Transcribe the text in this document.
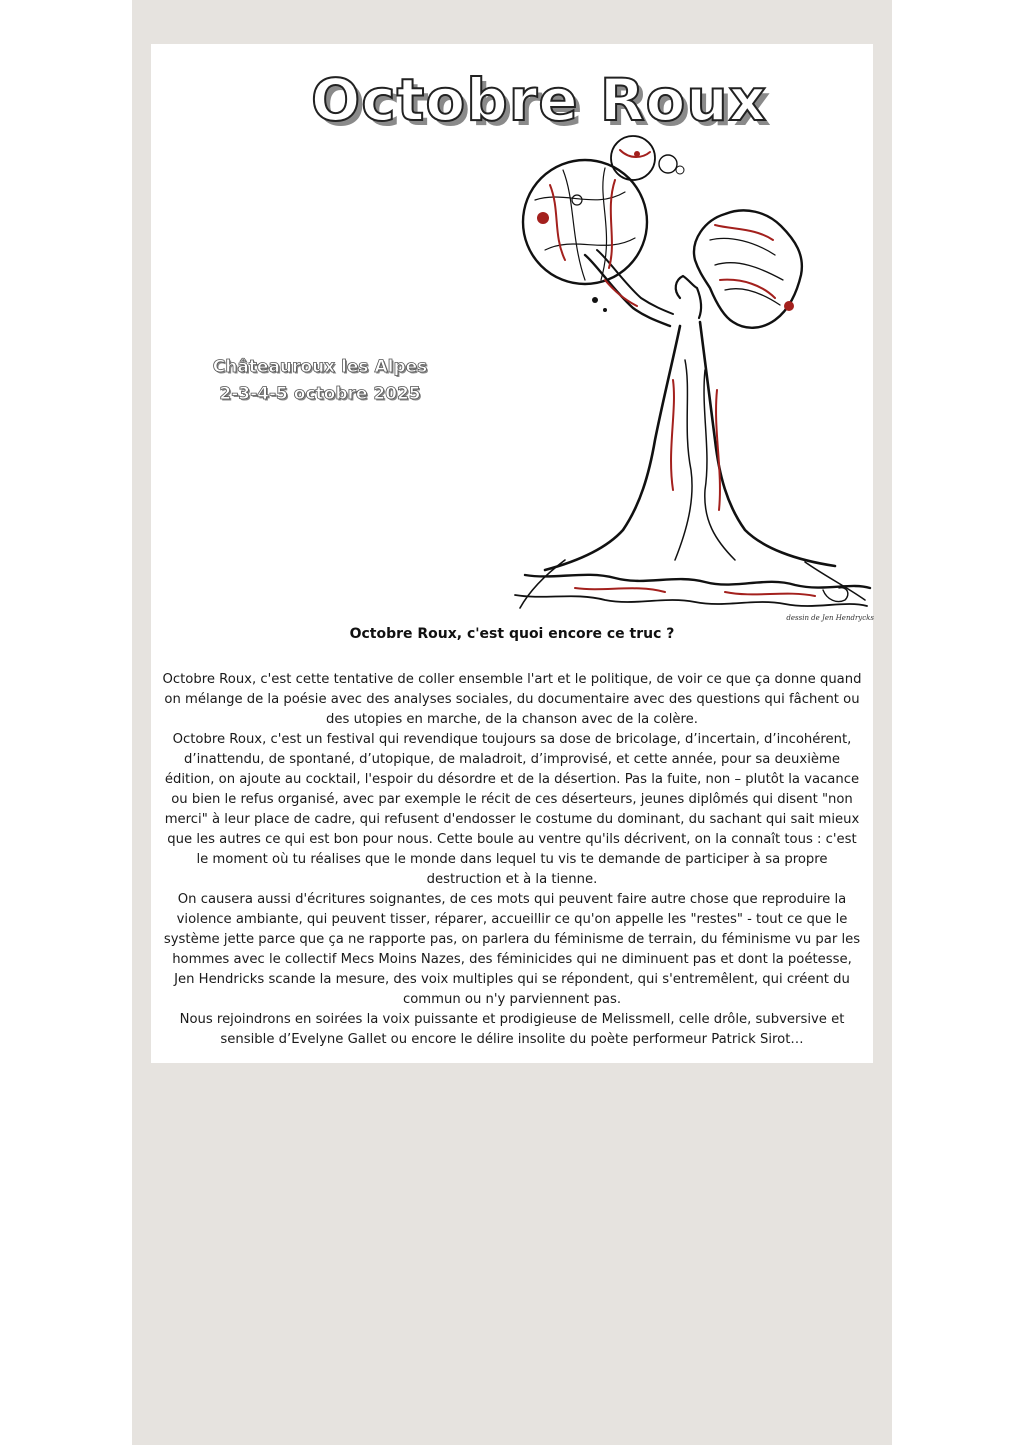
Octobre Roux
Châteauroux les Alpes
2-3-4-5 octobre 2025
dessin de Jen Hendrycks
Octobre Roux, c'est quoi encore ce truc ?

Octobre Roux, c'est cette tentative de coller ensemble l'art et le politique, de voir ce que ça donne quand on mélange de la poésie avec des analyses sociales, du documentaire avec des questions qui fâchent ou des utopies en marche, de la chanson avec de la colère.

Octobre Roux, c'est un festival qui revendique toujours sa dose de bricolage, d’incertain, d’incohérent, d’inattendu, de spontané, d’utopique, de maladroit, d’improvisé, et cette année, pour sa deuxième édition, on ajoute au cocktail, l'espoir du désordre et de la désertion. Pas la fuite, non – plutôt la vacance ou bien le refus organisé, avec par exemple le récit de ces déserteurs, jeunes diplômés qui disent "non merci" à leur place de cadre, qui refusent d'endosser le costume du dominant, du sachant qui sait mieux que les autres ce qui est bon pour nous. Cette boule au ventre qu'ils décrivent, on la connaît tous : c'est le moment où tu réalises que le monde dans lequel tu vis te demande de participer à sa propre destruction et à la tienne.

On causera aussi d'écritures soignantes, de ces mots qui peuvent faire autre chose que reproduire la violence ambiante, qui peuvent tisser, réparer, accueillir ce qu'on appelle les "restes" - tout ce que le système jette parce que ça ne rapporte pas, on parlera du féminisme de terrain, du féminisme vu par les hommes avec le collectif Mecs Moins Nazes, des féminicides qui ne diminuent pas et dont la poétesse, Jen Hendricks scande la mesure, des voix multiples qui se répondent, qui s'entremêlent, qui créent du commun ou n'y parviennent pas.

Nous rejoindrons en soirées la voix puissante et prodigieuse de Melissmell, celle drôle, subversive et sensible d’Evelyne Gallet ou encore le délire insolite du poète performeur Patrick Sirot…
